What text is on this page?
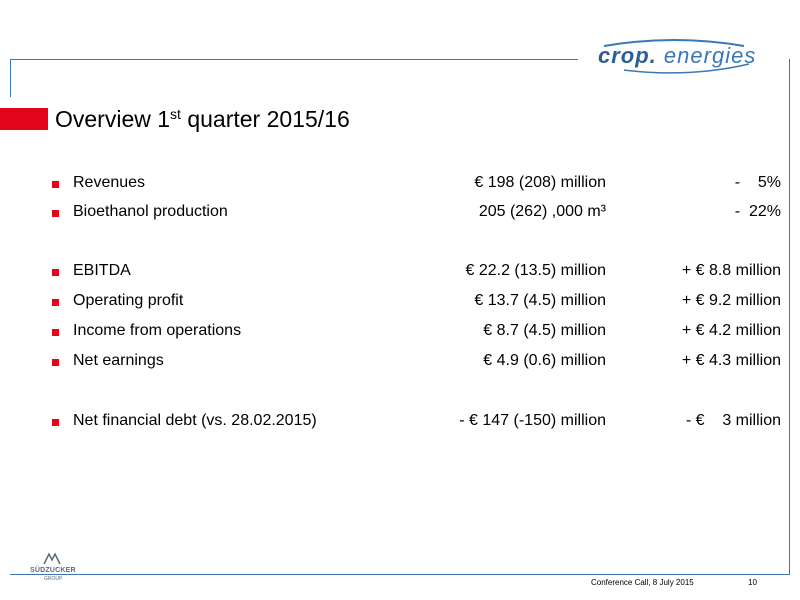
crop. energies
Overview 1st quarter 2015/16
Revenues	€ 198 (208) million	-    5%
Bioethanol production	205 (262) ,000 m³	-  22%
EBITDA	€ 22.2 (13.5) million	+ € 8.8 million
Operating profit	€ 13.7 (4.5) million	+ € 9.2 million
Income from operations	€ 8.7 (4.5) million	+ € 4.2 million
Net earnings	€ 4.9 (0.6) million	+ € 4.3 million
Net financial debt (vs. 28.02.2015)	- € 147 (-150) million	- €    3 million
SÜDZUCKER
GROUP	Conference Call, 8 July 2015	10
